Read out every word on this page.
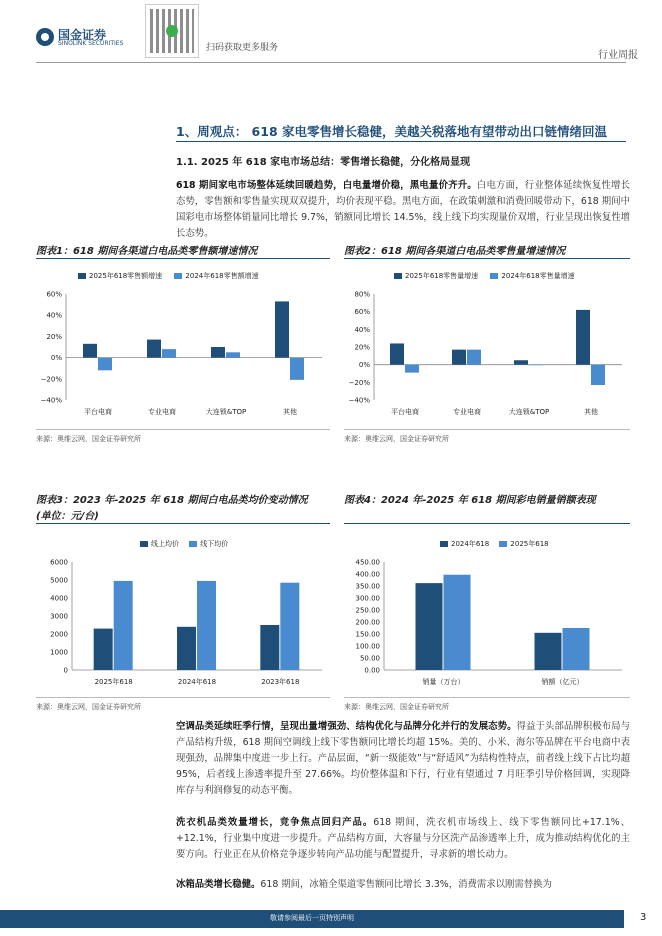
国金证券
SINOLINK SECURITIES	扫码获取更多服务
行业周报
1、周观点： 618 家电零售增长稳健，美越关税落地有望带动出口链情绪回温
1.1. 2025 年 618 家电市场总结：零售增长稳健，分化格局显现
618 期间家电市场整体延续回暖趋势，白电量增价稳，黑电量价齐升。白电方面，行业整体延续恢复性增长态势，零售额和零售量实现双双提升，均价表现平稳。黑电方面，在政策刺激和消费回暖带动下，618 期间中国彩电市场整体销量同比增长 9.7%，销额同比增长 14.5%，线上线下均实现量价双增，行业呈现出恢复性增长态势。
图表1：618 期间各渠道白电品类零售额增速情况
2025年618零售额增速	2024年618零售额增速
60%
40%
20%
0%
−20%
−40%
平台电商	专业电商	大连锁&TOP	其他
来源：奥维云网，国金证券研究所
图表2：618 期间各渠道白电品类零售量增速情况
2025年618零售量增速	2024年618零售量增速
80%
60%
40%
20%
0%
−20%
−40%
平台电商	专业电商	大连锁&TOP	其他
来源：奥维云网，国金证券研究所
图表3：2023 年-2025 年 618 期间白电品类均价变动情况
(单位：元/台)
线上均价	线下均价
6000
5000
4000
3000
2000
1000
0
2025年618	2024年618	2023年618
来源：奥维云网，国金证券研究所
图表4：2024 年-2025 年 618 期间彩电销量销额表现
2024年618	2025年618
450.00
400.00
350.00
300.00
250.00
200.00
150.00
100.00
50.00
0.00
销量（万台）	销额（亿元）
来源：奥维云网，国金证券研究所
空调品类延续旺季行情，呈现出量增强劲、结构优化与品牌分化并行的发展态势。得益于头部品牌积极布局与产品结构升级，618 期间空调线上线下零售额同比增长均超 15%。美的、小米、海尔等品牌在平台电商中表现强劲，品牌集中度进一步上行。产品层面，“新一级能效”与“舒适风”为结构性特点，前者线上线下占比均超 95%，后者线上渗透率提升至 27.66%。均价整体温和下行，行业有望通过 7 月旺季引导价格回调，实现降库存与利润修复的动态平衡。
洗衣机品类效量增长，竞争焦点回归产品。618 期间，洗衣机市场线上、线下零售额同比+17.1%、+12.1%，行业集中度进一步提升。产品结构方面，大容量与分区洗产品渗透率上升，成为推动结构优化的主要方向。行业正在从价格竞争逐步转向产品功能与配置提升，寻求新的增长动力。
冰箱品类增长稳健。618 期间，冰箱全渠道零售额同比增长 3.3%，消费需求以刚需替换为
敬请参阅最后一页特别声明	3
